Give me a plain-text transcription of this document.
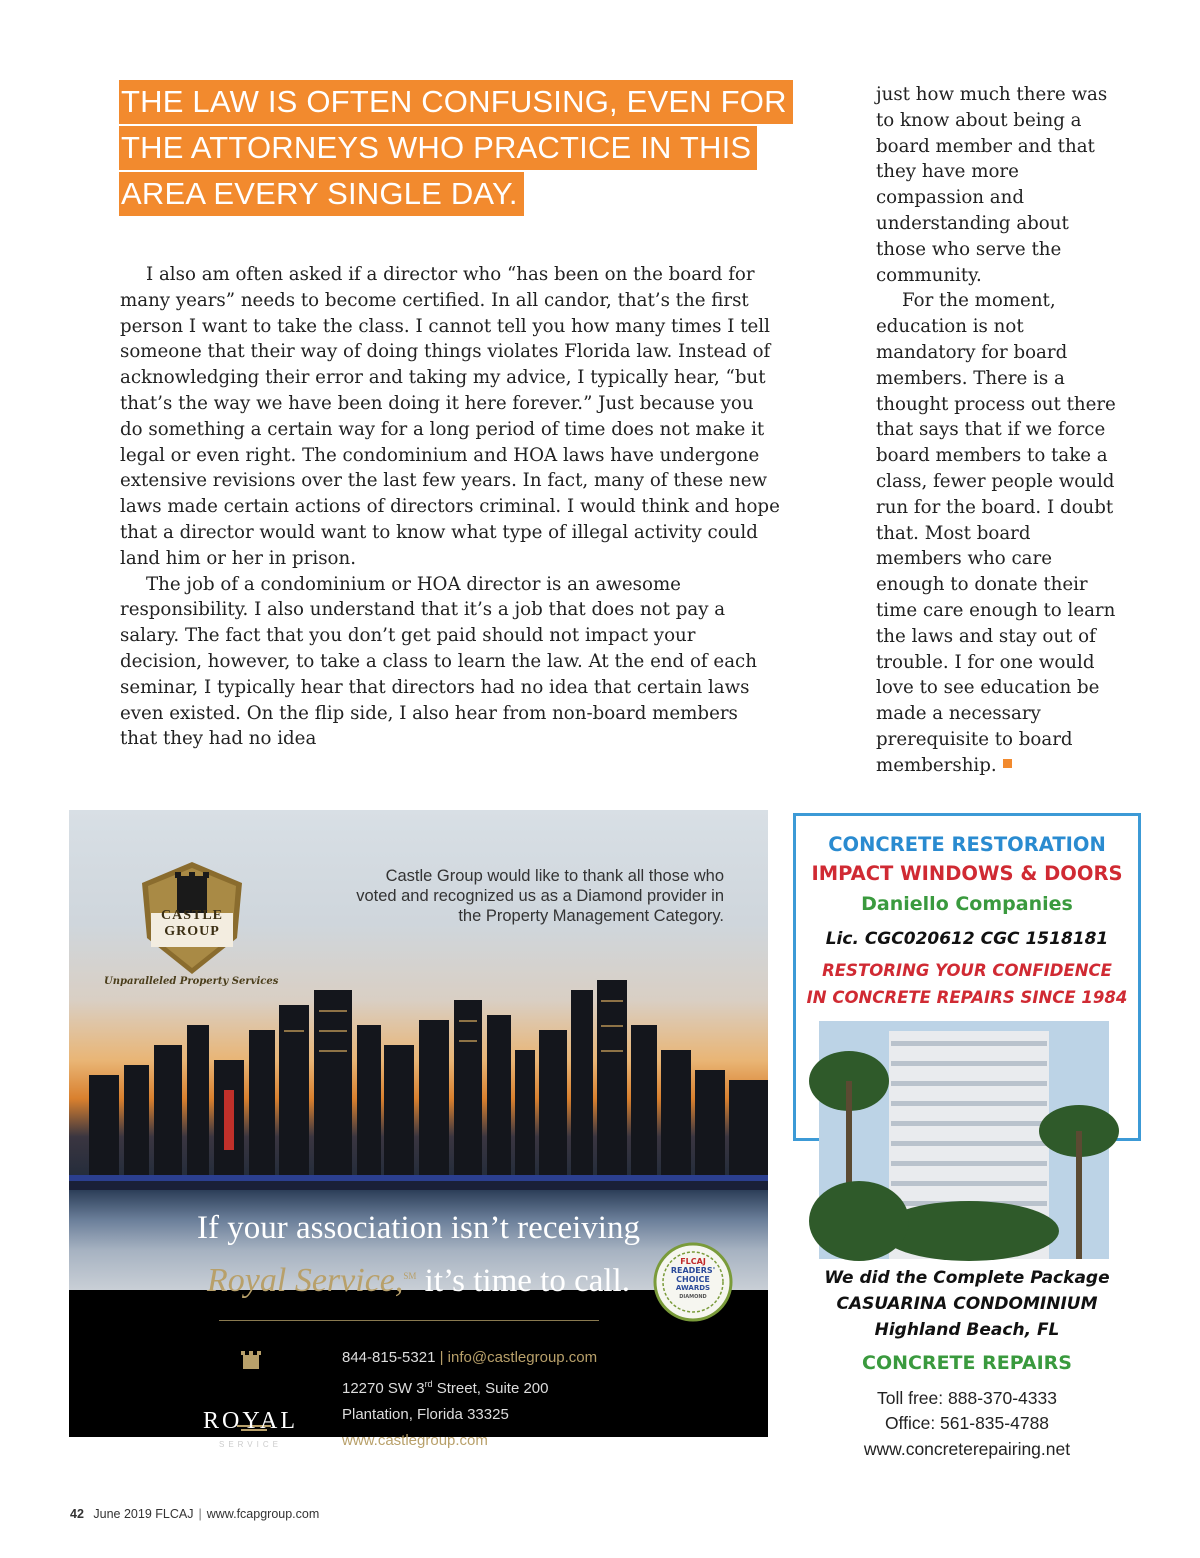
THE LAW IS OFTEN CONFUSING, EVEN FOR
THE ATTORNEYS WHO PRACTICE IN THIS
AREA EVERY SINGLE DAY.

I also am often asked if a director who “has been on the board for many years” needs to become certified. In all candor, that’s the first person I want to take the class. I cannot tell you how many times I tell someone that their way of doing things violates Florida law. Instead of acknowledging their error and taking my advice, I typically hear, “but that’s the way we have been doing it here forever.” Just because you do something a certain way for a long period of time does not make it legal or even right. The condominium and HOA laws have undergone extensive revisions over the last few years. In fact, many of these new laws made certain actions of directors criminal. I would think and hope that a director would want to know what type of illegal activity could land him or her in prison.

The job of a condominium or HOA director is an awesome responsibility. I also understand that it’s a job that does not pay a salary. The fact that you don’t get paid should not impact your decision, however, to take a class to learn the law. At the end of each seminar, I typically hear that directors had no idea that certain laws even existed. On the flip side, I also hear from non-board members that they had no idea

just how much there was to know about being a board member and that they have more compassion and understanding about those who serve the community.

For the moment, education is not mandatory for board members. There is a thought process out there that says that if we force board members to take a class, fewer people would run for the board. I doubt that. Most board members who care enough to donate their time care enough to learn the laws and stay out of trouble. I for one would love to see education be made a necessary prerequisite to board membership.

CASTLE
GROUP
Unparalleled Property Services
Castle Group would like to thank all those who voted and recognized us as a Diamond provider in the Property Management Category.
FLCAJ
READERS'
CHOICE
AWARDS
DIAMOND
If your association isn’t receiving
Royal Service,℠ it’s time to call.
ROYAL
SERVICE
844-815-5321 | info@castlegroup.com
12270 SW 3rd Street, Suite 200
Plantation, Florida 33325
www.castlegroup.com
CONCRETE RESTORATION
IMPACT WINDOWS & DOORS
Daniello Companies
Lic. CGC020612 CGC 1518181
RESTORING YOUR CONFIDENCE
IN CONCRETE REPAIRS SINCE 1984
We did the Complete Package
CASUARINA CONDOMINIUM
Highland Beach, FL
CONCRETE REPAIRS
Toll free: 888-370-4333
Office: 561-835-4788
www.concreterepairing.net
42 June 2019 FLCAJ | www.fcapgroup.com
